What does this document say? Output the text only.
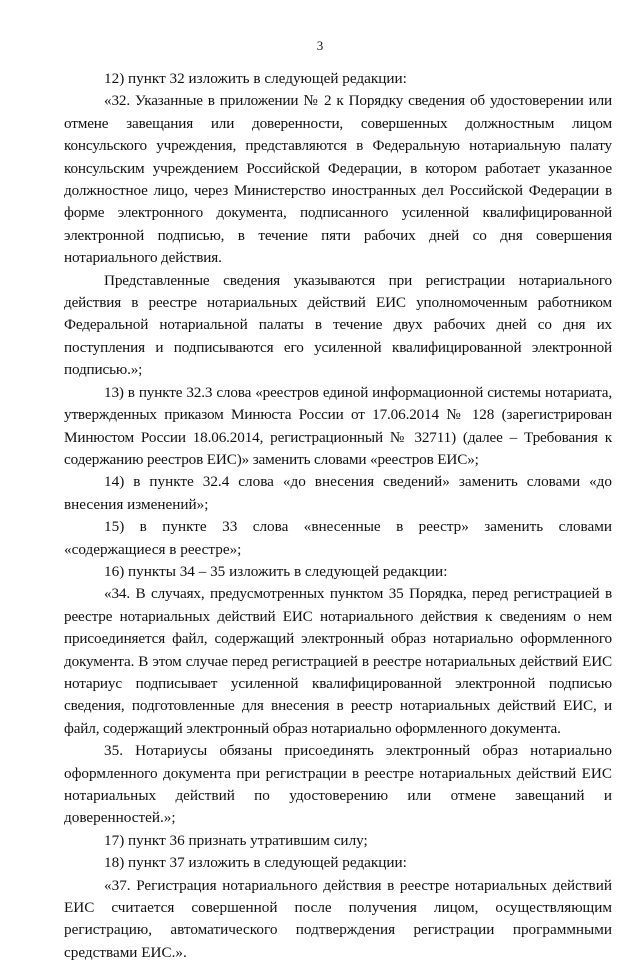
3

12) пункт 32 изложить в следующей редакции:

«32. Указанные в приложении № 2 к Порядку сведения об удостоверении или отмене завещания или доверенности, совершенных должностным лицом консульского учреждения, представляются в Федеральную нотариальную палату консульским учреждением Российской Федерации, в котором работает указанное должностное лицо, через Министерство иностранных дел Российской Федерации в форме электронного документа, подписанного усиленной квалифицированной электронной подписью, в течение пяти рабочих дней со дня совершения нотариального действия.

Представленные сведения указываются при регистрации нотариального действия в реестре нотариальных действий ЕИС уполномоченным работником Федеральной нотариальной палаты в течение двух рабочих дней со дня их поступления и подписываются его усиленной квалифицированной электронной подписью.»;

13) в пункте 32.3 слова «реестров единой информационной системы нотариата, утвержденных приказом Минюста России от 17.06.2014 № 128 (зарегистрирован Минюстом России 18.06.2014, регистрационный № 32711) (далее – Требования к содержанию реестров ЕИС)» заменить словами «реестров ЕИС»;

14) в пункте 32.4 слова «до внесения сведений» заменить словами «до внесения изменений»;

15) в пункте 33 слова «внесенные в реестр» заменить словами «содержащиеся в реестре»;

16) пункты 34 – 35 изложить в следующей редакции:

«34. В случаях, предусмотренных пунктом 35 Порядка, перед регистрацией в реестре нотариальных действий ЕИС нотариального действия к сведениям о нем присоединяется файл, содержащий электронный образ нотариально оформленного документа. В этом случае перед регистрацией в реестре нотариальных действий ЕИС нотариус подписывает усиленной квалифицированной электронной подписью сведения, подготовленные для внесения в реестр нотариальных действий ЕИС, и файл, содержащий электронный образ нотариально оформленного документа.

35. Нотариусы обязаны присоединять электронный образ нотариально оформленного документа при регистрации в реестре нотариальных действий ЕИС нотариальных действий по удостоверению или отмене завещаний и доверенностей.»;

17) пункт 36 признать утратившим силу;

18) пункт 37 изложить в следующей редакции:

«37. Регистрация нотариального действия в реестре нотариальных действий ЕИС считается совершенной после получения лицом, осуществляющим регистрацию, автоматического подтверждения регистрации программными средствами ЕИС.».
